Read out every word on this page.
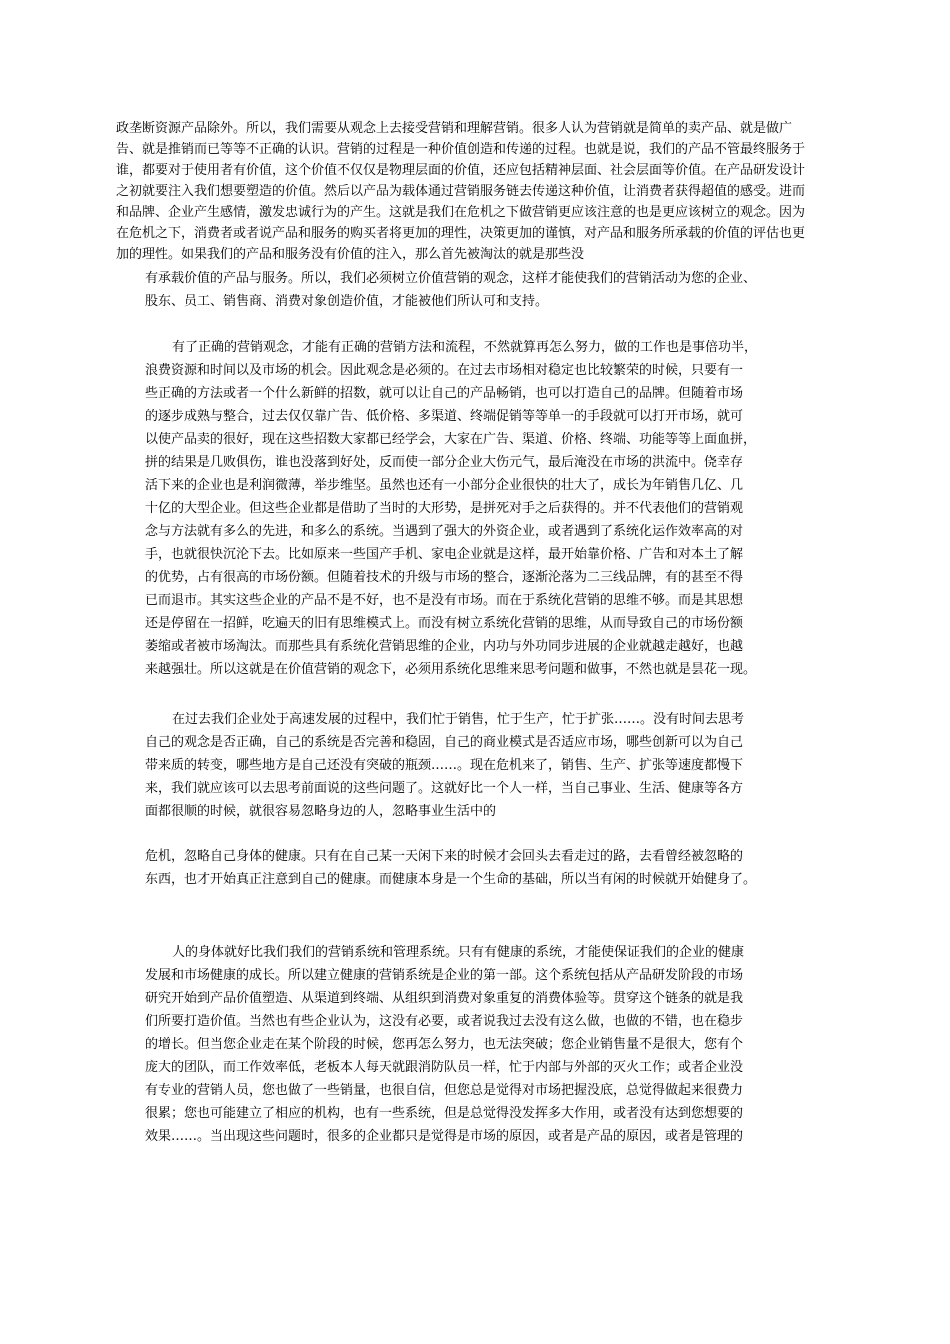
政垄断资源产品除外。所以，我们需要从观念上去接受营销和理解营销。很多人认为营销就是简单的卖产品、就是做广
告、就是推销而已等等不正确的认识。营销的过程是一种价值创造和传递的过程。也就是说，我们的产品不管最终服务于
谁，都要对于使用者有价值，这个价值不仅仅是物理层面的价值，还应包括精神层面、社会层面等价值。在产品研发设计
之初就要注入我们想要塑造的价值。然后以产品为载体通过营销服务链去传递这种价值，让消费者获得超值的感受。进而
和品牌、企业产生感情，激发忠诚行为的产生。这就是我们在危机之下做营销更应该注意的也是更应该树立的观念。因为
在危机之下，消费者或者说产品和服务的购买者将更加的理性，决策更加的谨慎，对产品和服务所承载的价值的评估也更
加的理性。如果我们的产品和服务没有价值的注入，那么首先被淘汰的就是那些没
有承载价值的产品与服务。所以，我们必须树立价值营销的观念，这样才能使我们的营销活动为您的企业、
股东、员工、销售商、消费对象创造价值，才能被他们所认可和支持。
有了正确的营销观念，才能有正确的营销方法和流程，不然就算再怎么努力，做的工作也是事倍功半，
浪费资源和时间以及市场的机会。因此观念是必须的。在过去市场相对稳定也比较繁荣的时候，只要有一
些正确的方法或者一个什么新鲜的招数，就可以让自己的产品畅销，也可以打造自己的品牌。但随着市场
的逐步成熟与整合，过去仅仅靠广告、低价格、多渠道、终端促销等等单一的手段就可以打开市场，就可
以使产品卖的很好，现在这些招数大家都已经学会，大家在广告、渠道、价格、终端、功能等等上面血拼，
拼的结果是几败俱伤，谁也没落到好处，反而使一部分企业大伤元气，最后淹没在市场的洪流中。侥幸存
活下来的企业也是利润微薄，举步维坚。虽然也还有一小部分企业很快的壮大了，成长为年销售几亿、几
十亿的大型企业。但这些企业都是借助了当时的大形势，是拼死对手之后获得的。并不代表他们的营销观
念与方法就有多么的先进，和多么的系统。当遇到了强大的外资企业，或者遇到了系统化运作效率高的对
手，也就很快沉沦下去。比如原来一些国产手机、家电企业就是这样，最开始靠价格、广告和对本土了解
的优势，占有很高的市场份额。但随着技术的升级与市场的整合，逐渐沦落为二三线品牌，有的甚至不得
已而退市。其实这些企业的产品不是不好，也不是没有市场。而在于系统化营销的思维不够。而是其思想
还是停留在一招鲜，吃遍天的旧有思维模式上。而没有树立系统化营销的思维，从而导致自己的市场份额
萎缩或者被市场淘汰。而那些具有系统化营销思维的企业，内功与外功同步进展的企业就越走越好，也越
来越强壮。所以这就是在价值营销的观念下，必须用系统化思维来思考问题和做事，不然也就是昙花一现。
在过去我们企业处于高速发展的过程中，我们忙于销售，忙于生产，忙于扩张……。没有时间去思考
自己的观念是否正确，自己的系统是否完善和稳固，自己的商业模式是否适应市场，哪些创新可以为自己
带来质的转变，哪些地方是自己还没有突破的瓶颈……。现在危机来了，销售、生产、扩张等速度都慢下
来，我们就应该可以去思考前面说的这些问题了。这就好比一个人一样，当自己事业、生活、健康等各方
面都很顺的时候，就很容易忽略身边的人，忽略事业生活中的
危机，忽略自己身体的健康。只有在自己某一天闲下来的时候才会回头去看走过的路，去看曾经被忽略的
东西，也才开始真正注意到自己的健康。而健康本身是一个生命的基础，所以当有闲的时候就开始健身了。
人的身体就好比我们我们的营销系统和管理系统。只有有健康的系统，才能使保证我们的企业的健康
发展和市场健康的成长。所以建立健康的营销系统是企业的第一部。这个系统包括从产品研发阶段的市场
研究开始到产品价值塑造、从渠道到终端、从组织到消费对象重复的消费体验等。贯穿这个链条的就是我
们所要打造价值。当然也有些企业认为，这没有必要，或者说我过去没有这么做，也做的不错，也在稳步
的增长。但当您企业走在某个阶段的时候，您再怎么努力，也无法突破；您企业销售量不是很大，您有个
庞大的团队，而工作效率低，老板本人每天就跟消防队员一样，忙于内部与外部的灭火工作；或者企业没
有专业的营销人员，您也做了一些销量，也很自信，但您总是觉得对市场把握没底，总觉得做起来很费力
很累；您也可能建立了相应的机构，也有一些系统，但是总觉得没发挥多大作用，或者没有达到您想要的
效果……。当出现这些问题时，很多的企业都只是觉得是市场的原因，或者是产品的原因，或者是管理的
